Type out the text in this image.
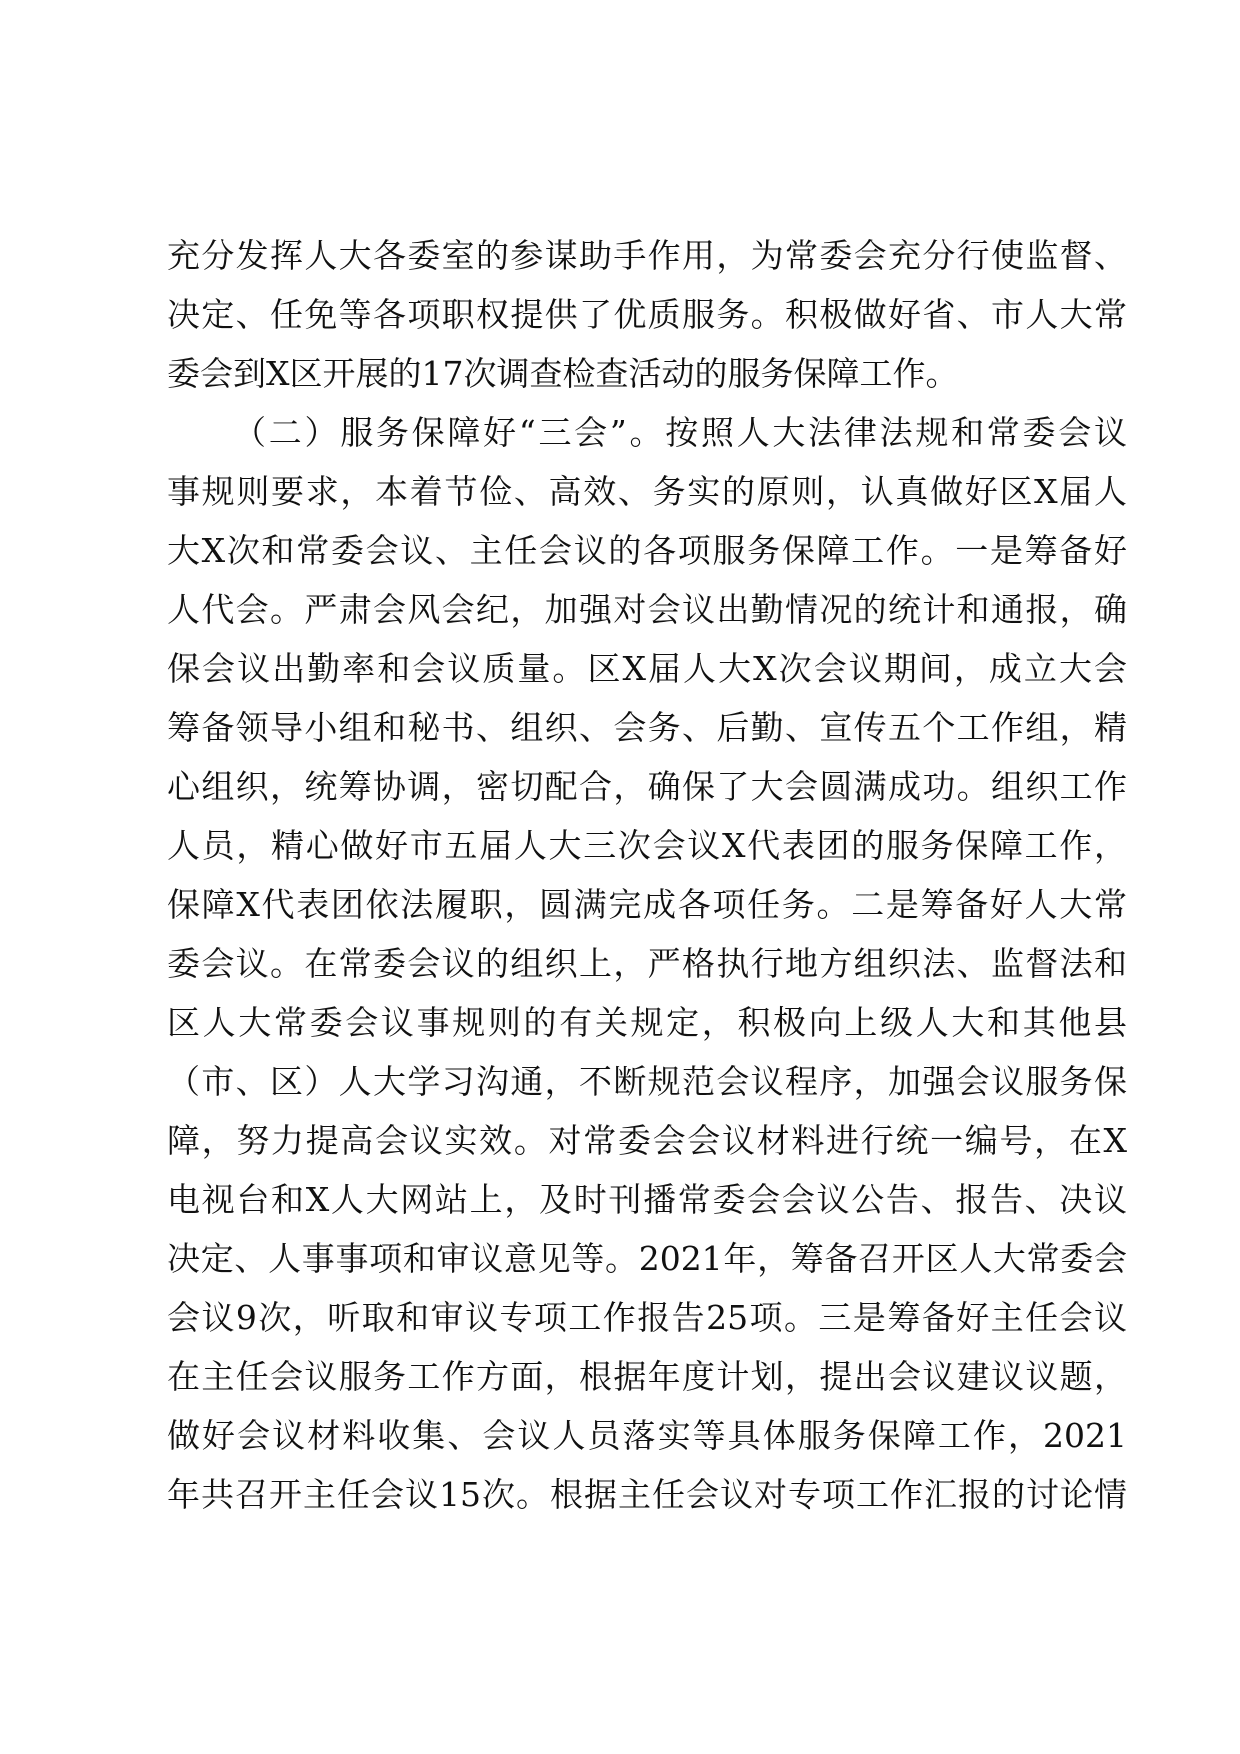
充分发挥人大各委室的参谋助手作用，为常委会充分行使监督、
决定、任免等各项职权提供了优质服务。积极做好省、市人大常
委会到X区开展的17次调查检查活动的服务保障工作。
（二）服务保障好“三会”。按照人大法律法规和常委会议
事规则要求，本着节俭、高效、务实的原则，认真做好区X届人
大X次和常委会议、主任会议的各项服务保障工作。一是筹备好
人代会。严肃会风会纪，加强对会议出勤情况的统计和通报，确
保会议出勤率和会议质量。区X届人大X次会议期间，成立大会
筹备领导小组和秘书、组织、会务、后勤、宣传五个工作组，精
心组织，统筹协调，密切配合，确保了大会圆满成功。组织工作
人员，精心做好市五届人大三次会议X代表团的服务保障工作，
保障X代表团依法履职，圆满完成各项任务。二是筹备好人大常
委会议。在常委会议的组织上，严格执行地方组织法、监督法和
区人大常委会议事规则的有关规定，积极向上级人大和其他县
（市、区）人大学习沟通，不断规范会议程序，加强会议服务保
障，努力提高会议实效。对常委会会议材料进行统一编号，在X
电视台和X人大网站上，及时刊播常委会会议公告、报告、决议
决定、人事事项和审议意见等。2021年，筹备召开区人大常委会
会议9次，听取和审议专项工作报告25项。三是筹备好主任会议
在主任会议服务工作方面，根据年度计划，提出会议建议议题，
做好会议材料收集、会议人员落实等具体服务保障工作，2021
年共召开主任会议15次。根据主任会议对专项工作汇报的讨论情
